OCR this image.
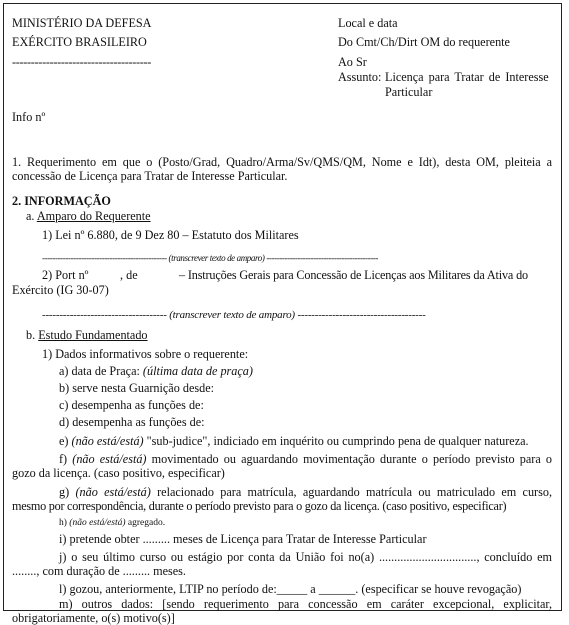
MINISTÉRIO DA DEFESA
EXÉRCITO BRASILEIRO
-------------------------------------
Local e data
Do Cmt/Ch/Dirt OM do requerente
Ao Sr
Assunto: Licença para Tratar de Interesse
Particular
Info nº
1. Requerimento em que o (Posto/Grad, Quadro/Arma/Sv/QMS/QM, Nome e Idt), desta OM, pleiteia a
concessão de Licença para Tratar de Interesse Particular.
2. INFORMAÇÃO
a. Amparo do Requerente
1) Lei nº 6.880, de 9 Dez 80 – Estatuto dos Militares
------------------------------------------------ (transcrever texto de amparo) -------------------------------------------
2) Port nº	, de	– Instruções Gerais para Concessão de Licenças aos Militares da Ativa do
Exército (IG 30-07)
------------------------------------ (transcrever texto de amparo) -------------------------------------
b. Estudo Fundamentado
1) Dados informativos sobre o requerente:
a) data de Praça: (última data de praça)
b) serve nesta Guarnição desde:
c) desempenha as funções de:
d) desempenha as funções de:
e) (não está/está) "sub-judice", indiciado em inquérito ou cumprindo pena de qualquer natureza.
f) (não está/está) movimentado ou aguardando movimentação durante o período previsto para o
gozo da licença. (caso positivo, especificar)
g) (não está/está) relacionado para matrícula, aguardando matrícula ou matriculado em curso,
mesmo por correspondência, durante o período previsto para o gozo da licença. (caso positivo, especificar)
h) (não está/está) agregado.
i) pretende obter ......... meses de Licença para Tratar de Interesse Particular
j) o seu último curso ou estágio por conta da União foi no(a) ................................, concluído em
........, com duração de ......... meses.
l) gozou, anteriormente, LTIP no período de:_____ a ______. (especificar se houve revogação)
m) outros dados: [sendo requerimento para concessão em caráter excepcional, explicitar,
obrigatoriamente, o(s) motivo(s)]
